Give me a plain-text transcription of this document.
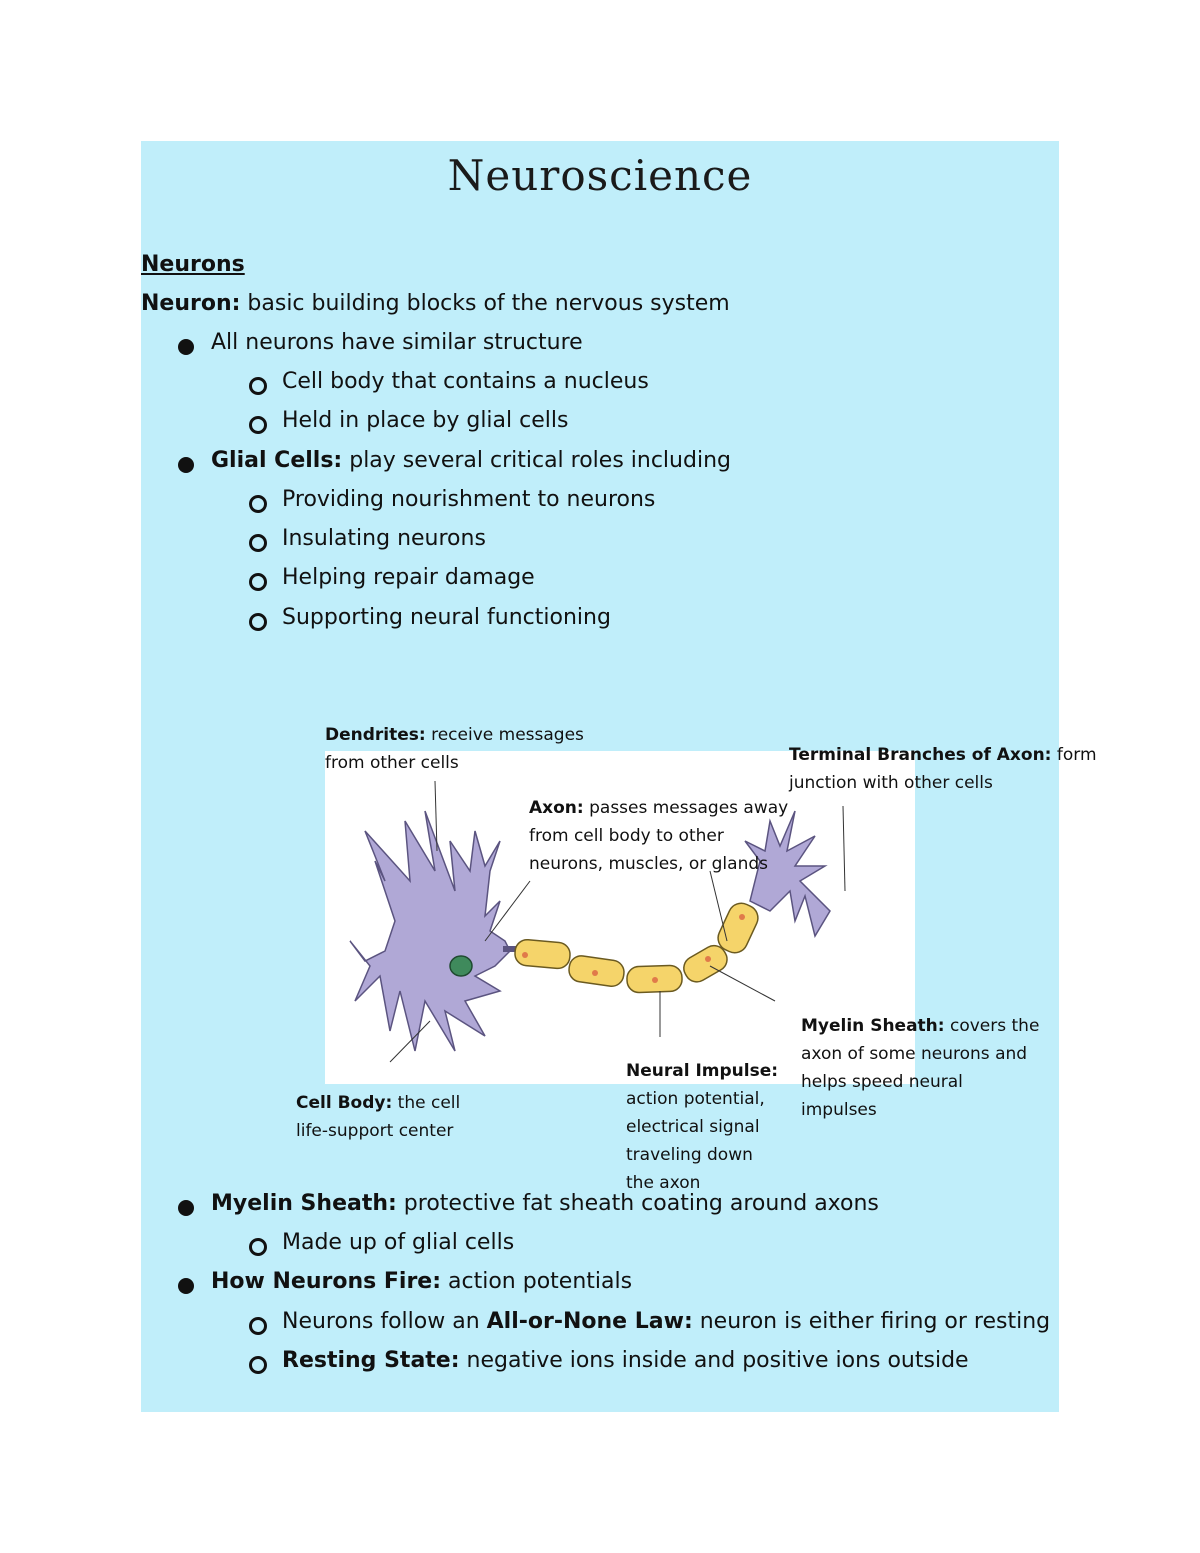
Neuroscience
Neurons
Neuron: basic building blocks of the nervous system
All neurons have similar structure
Cell body that contains a nucleus
Held in place by glial cells
Glial Cells: play several critical roles including
Providing nourishment to neurons
Insulating neurons
Helping repair damage
Supporting neural functioning
Dendrites: receive messages
from other cells
Axon: passes messages away
from cell body to other
neurons, muscles, or glands
Terminal Branches of Axon: form
junction with other cells
Myelin Sheath: covers the
axon of some neurons and
helps speed neural
impulses
Neural Impulse:
action potential,
electrical signal
traveling down
the axon
Cell Body: the cell
life-support center
Myelin Sheath: protective fat sheath coating around axons
Made up of glial cells
How Neurons Fire: action potentials
Neurons follow an All-or-None Law: neuron is either firing or resting
Resting State: negative ions inside and positive ions outside
